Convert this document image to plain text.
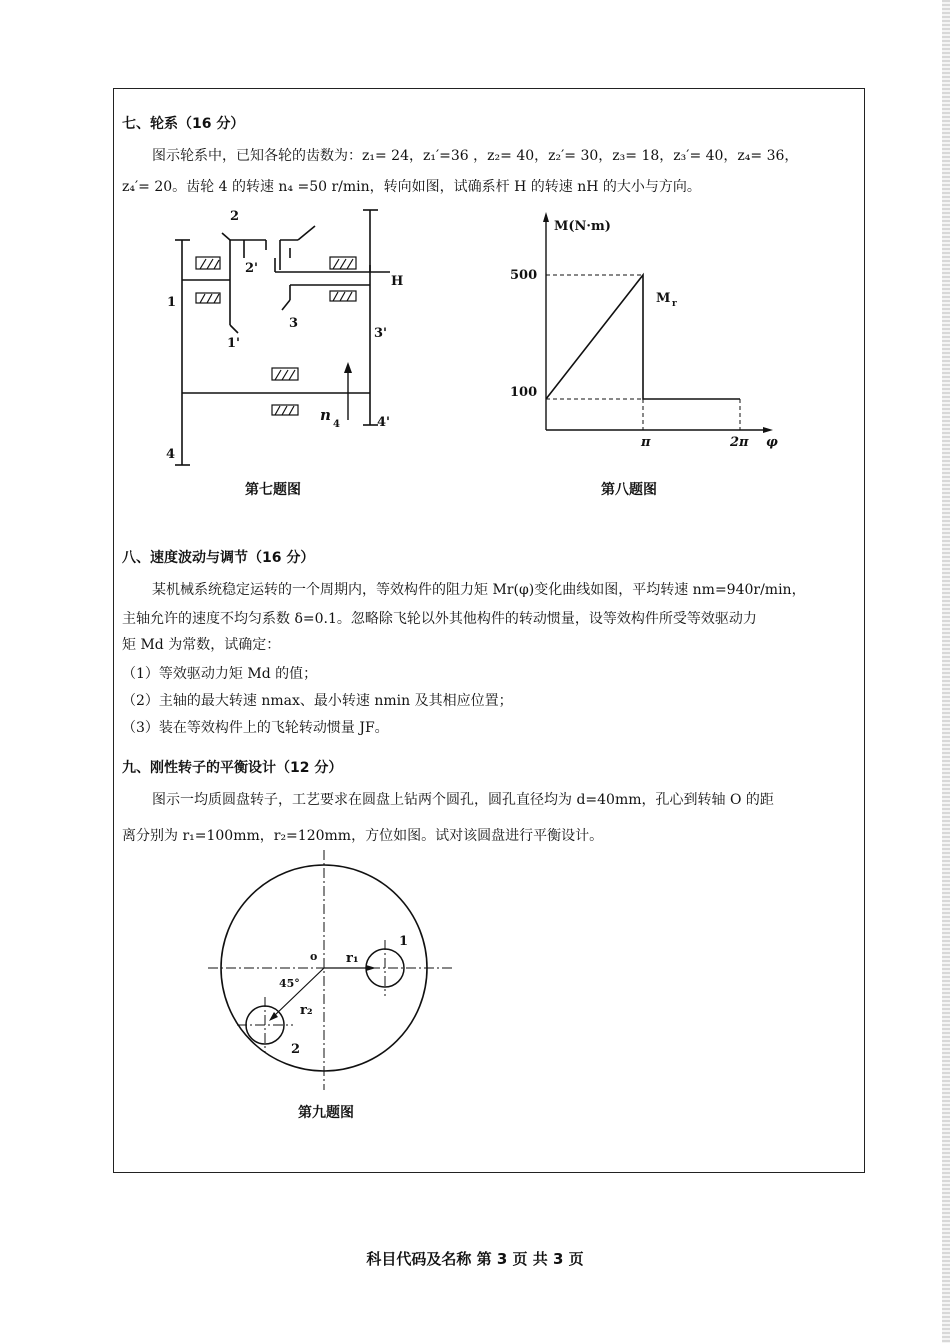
七、轮系（16 分）
图示轮系中，已知各轮的齿数为：z₁= 24，z₁′=36 ，z₂= 40，z₂′= 30，z₃= 18，z₃′= 40，z₄= 36，
z₄′= 20。齿轮 4 的转速 n₄ =50 r/min，转向如图，试确系杆 H 的转速 nH 的大小与方向。
2
2'
1
1'
3
3'
H
4
4'
n
4
第七题图
M(N·m)
φ
M r
500
100
π	2π
第八题图
八、速度波动与调节（16 分）
某机械系统稳定运转的一个周期内，等效构件的阻力矩 Mr(φ)变化曲线如图，平均转速 nm=940r/min，
主轴允许的速度不均匀系数 δ=0.1。忽略除飞轮以外其他构件的转动惯量，设等效构件所受等效驱动力
矩 Md 为常数，试确定：
（1）等效驱动力矩 Md 的值；
（2）主轴的最大转速 nmax、最小转速 nmin 及其相应位置；
（3）装在等效构件上的飞轮转动惯量 JF。
九、刚性转子的平衡设计（12 分）
图示一均质圆盘转子，工艺要求在圆盘上钻两个圆孔，圆孔直径均为 d=40mm，孔心到转轴 O 的距
离分别为 r₁=100mm，r₂=120mm，方位如图。试对该圆盘进行平衡设计。
o
1
2
r₁
r₂
45°
第九题图
科目代码及名称 第 3 页 共 3 页
